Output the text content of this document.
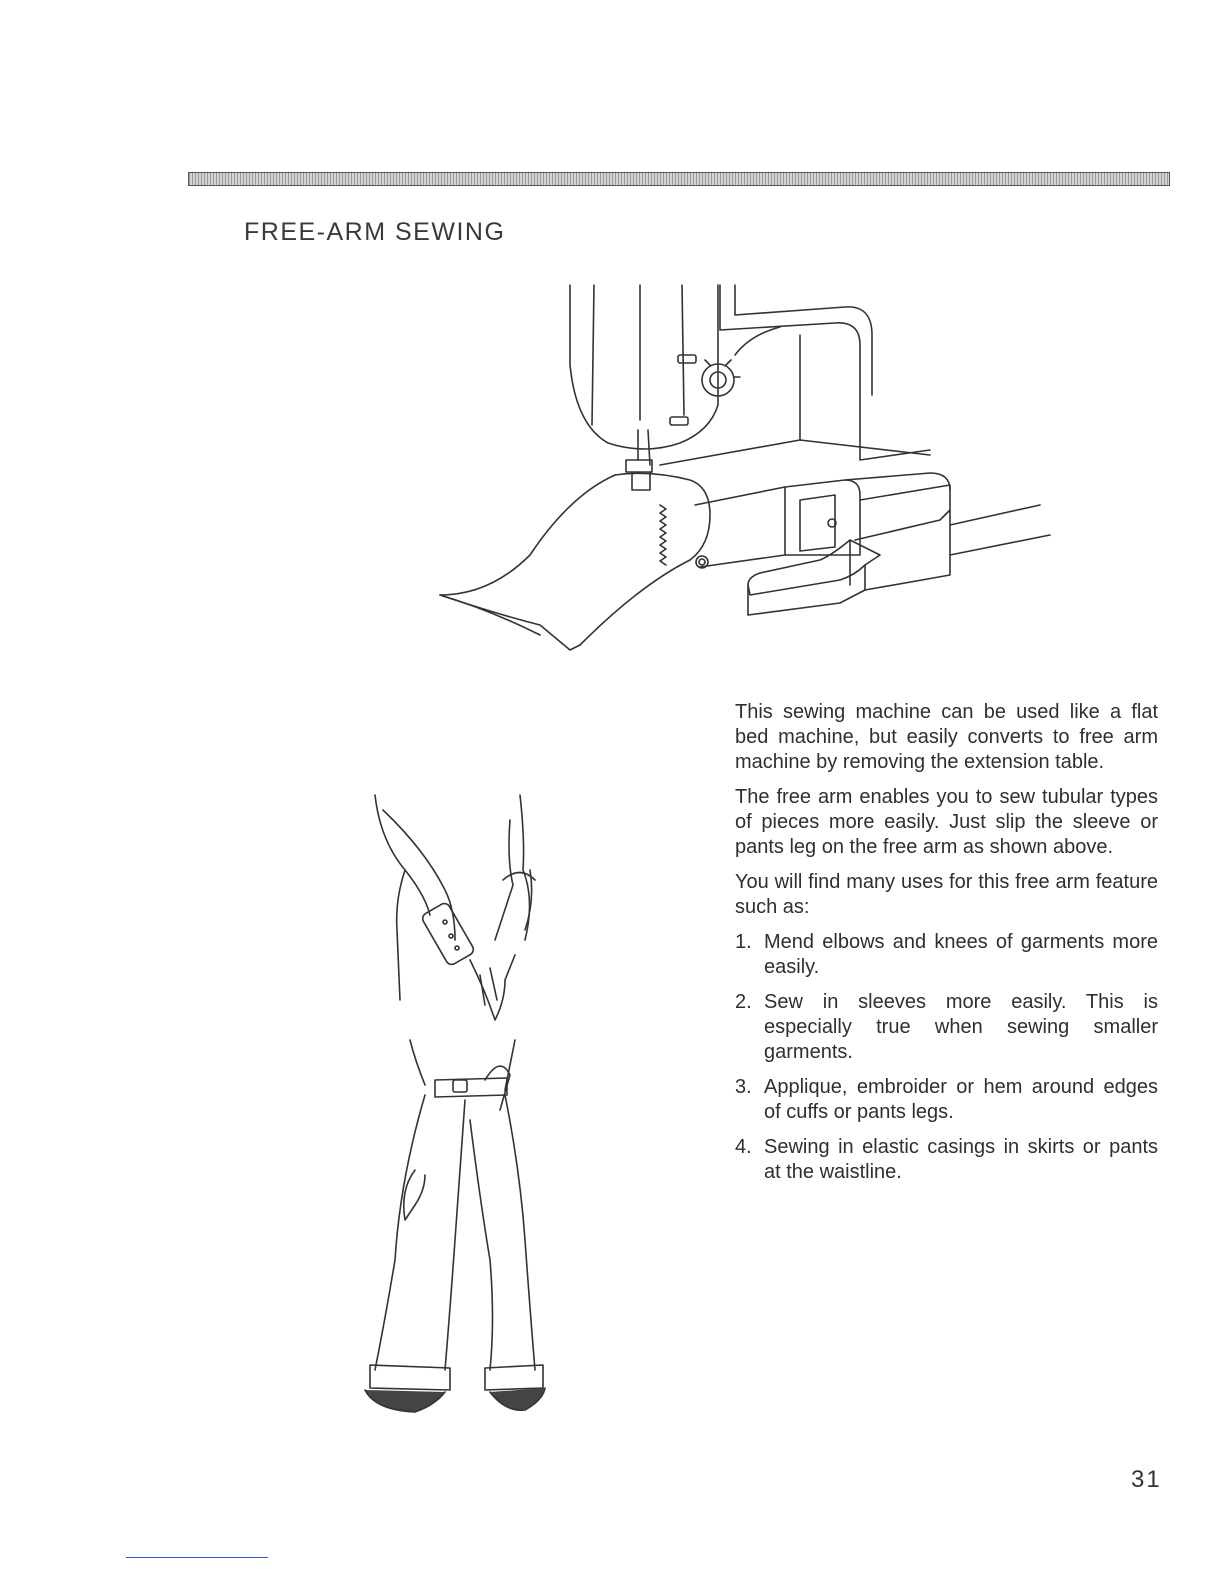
FREE-ARM SEWING

This sewing machine can be used like a flat bed machine, but easily converts to free arm machine by removing the extension table.

The free arm enables you to sew tubular types of pieces more easily. Just slip the sleeve or pants leg on the free arm as shown above.

You will find many uses for this free arm feature such as:

1. Mend elbows and knees of garments more easily.
2. Sew in sleeves more easily. This is especially true when sewing smaller garments.
3. Applique, embroider or hem around edges of cuffs or pants legs.
4. Sewing in elastic casings in skirts or pants at the waistline.
31
